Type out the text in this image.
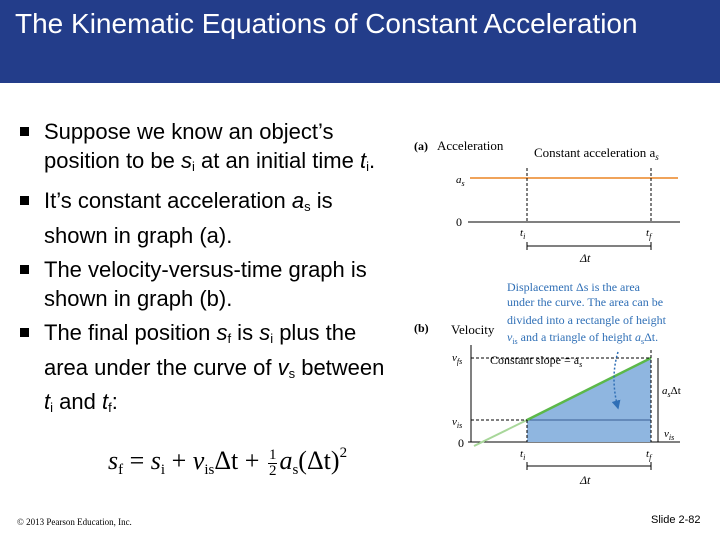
The Kinematic Equations of Constant Acceleration
Suppose we know an object’s position to be $s_i$ at an initial time $t_i$.
It’s constant acceleration $a_s$ is shown in graph (a).
The velocity-versus-time graph is shown in graph (b).
The final position $s_f$ is $s_i$ plus the area under the curve of $v_s$ between $t_i$ and $t_f$:
sf = si + $vis\Delta t + \frac{1}{2} as(\Delta t)^2$
(a) Acceleration Constant acceleration $a_s$
$a_s$
0
$t_i$	$t_f$
Δt
Displacement Δs is the area under the curve. The area can be divided into a rectangle of height $v_{is}$ and a triangle of height $a_s\Delta t$.
(b) Velocity
Constant slope = $a_s$
$v_{fs}$
$v_{is}$
0
$a_s\Delta t$
$v_{is}$
$t_i$	$t_f$
Δt
© 2013 Pearson Education, Inc.	Slide 2-82
